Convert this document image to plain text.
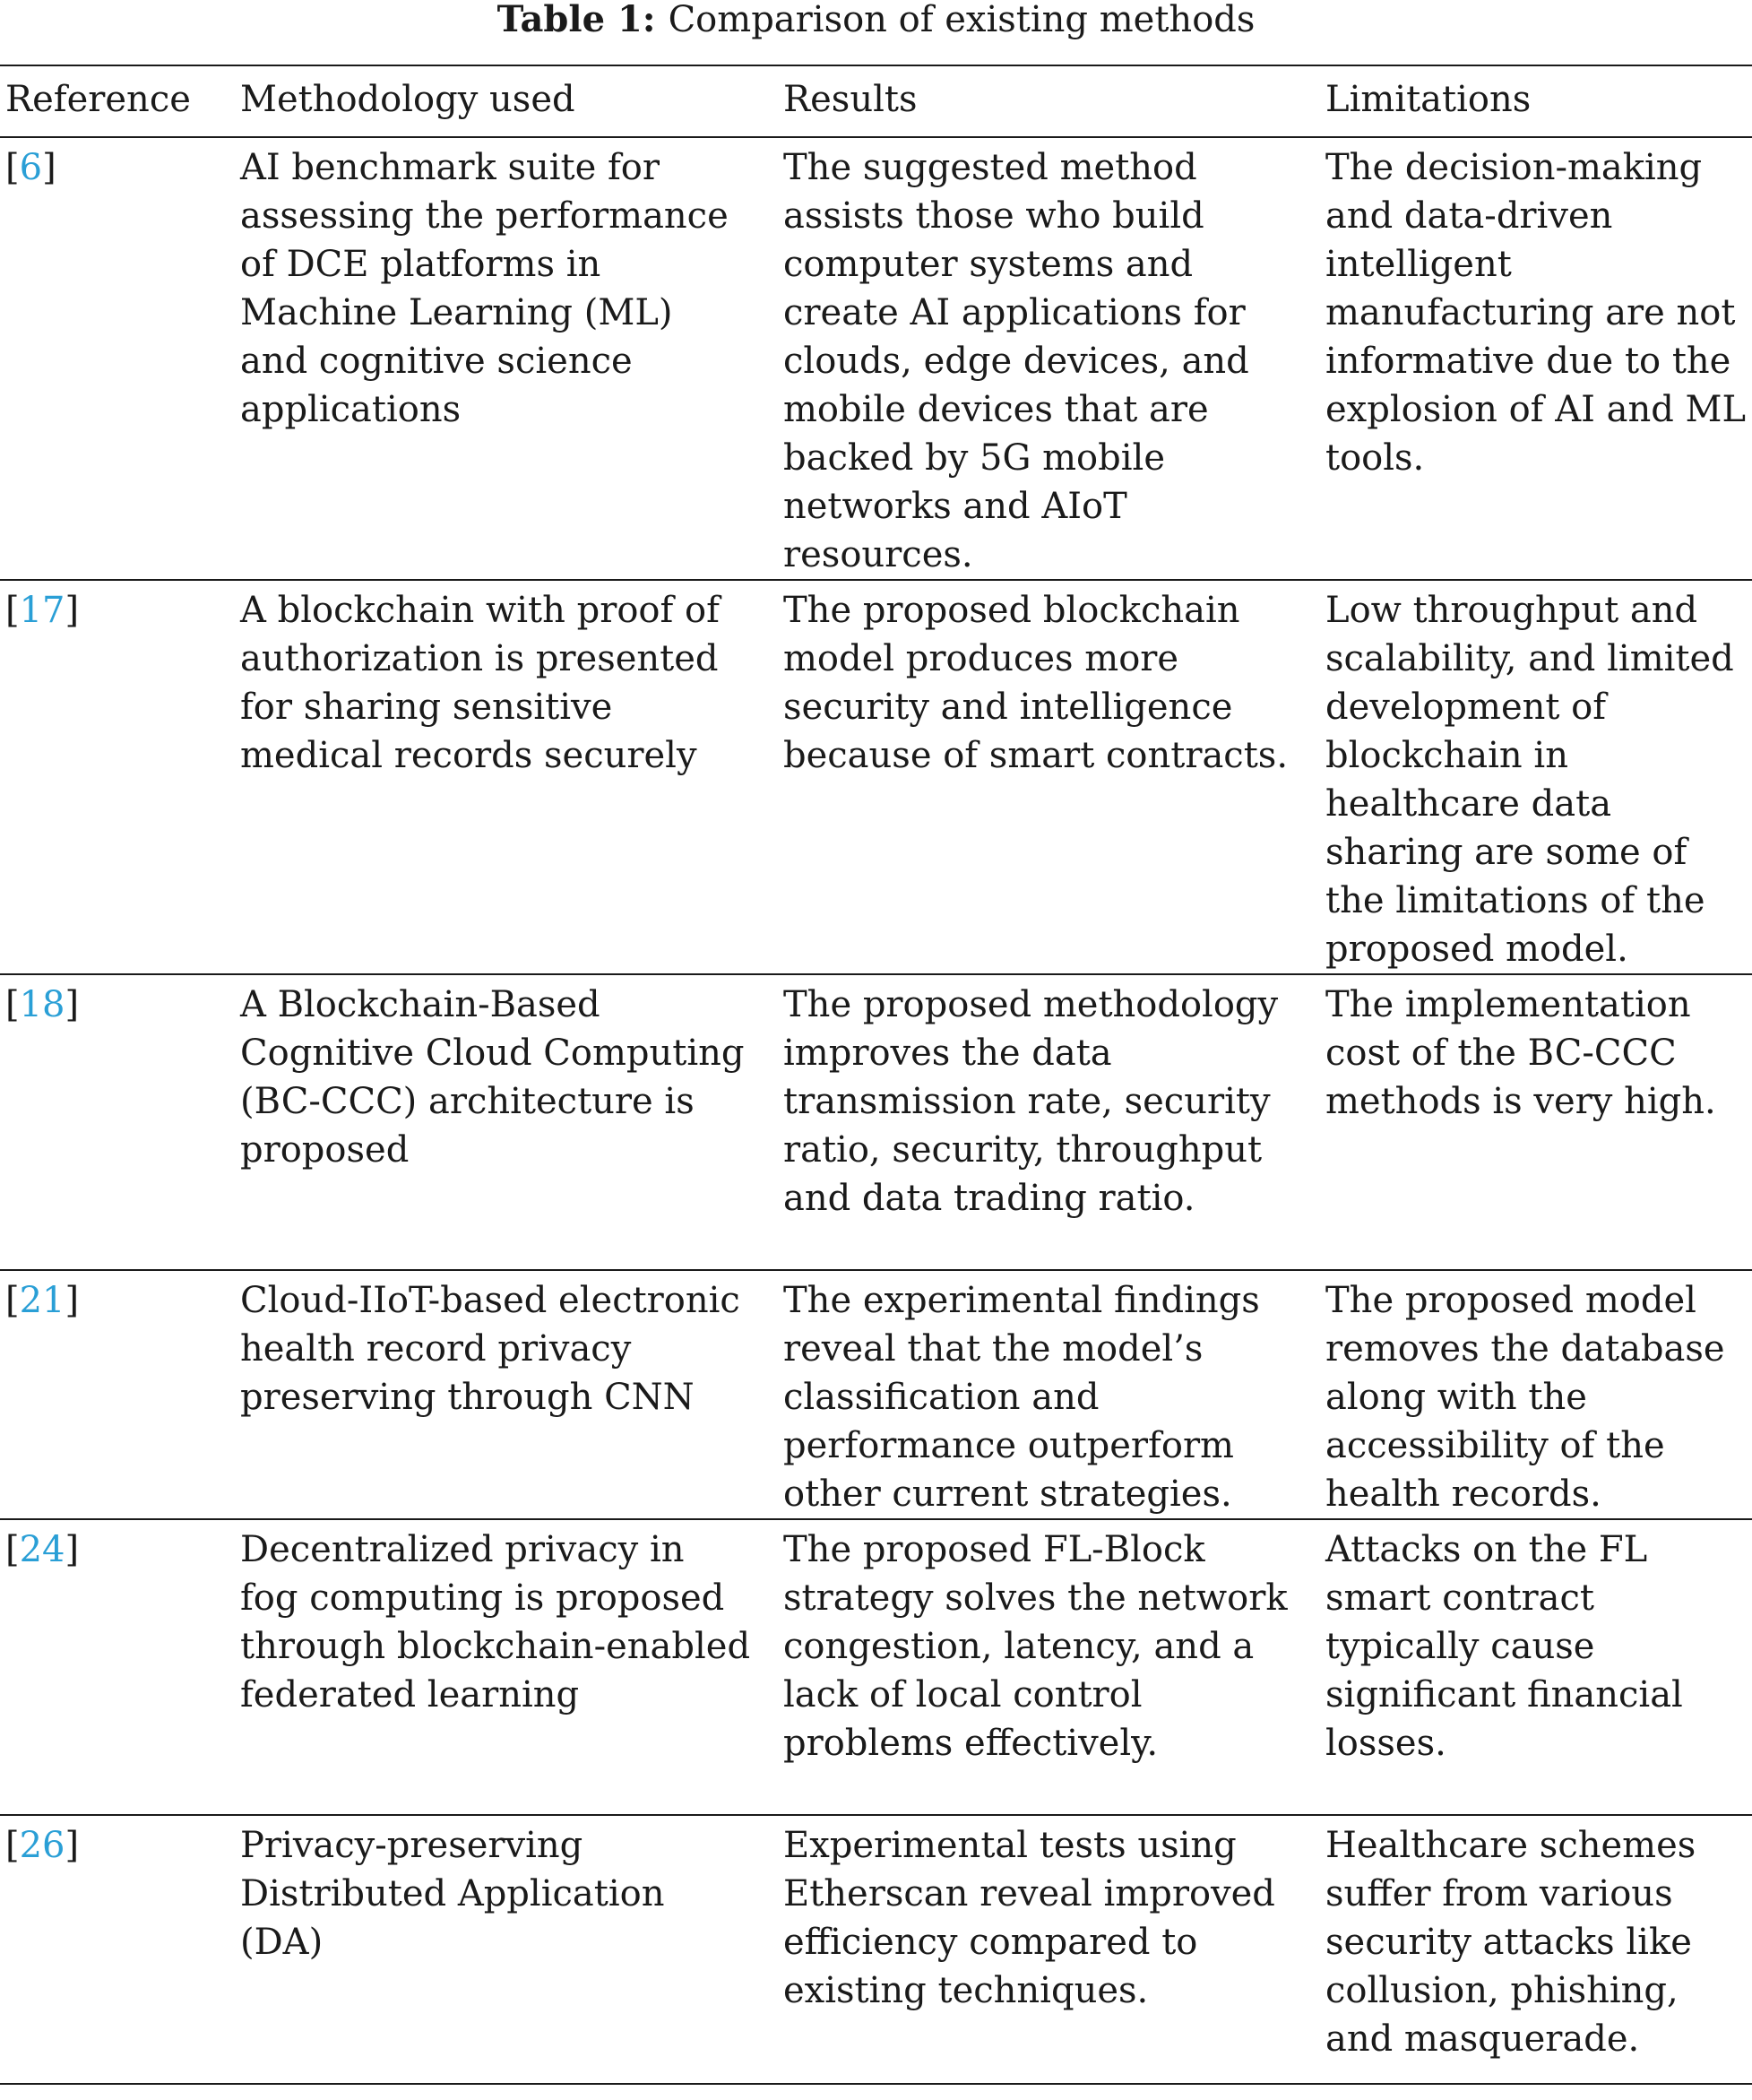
Table 1: Comparison of existing methods
Reference	Methodology used	Results	Limitations
[6]	AI benchmark suite for assessing the performance of DCE platforms in Machine Learning (ML) and cognitive science applications	The suggested method assists those who build computer systems and create AI applications for clouds, edge devices, and mobile devices that are backed by 5G mobile networks and AIoT resources.	The decision-making and data-driven intelligent manufacturing are not informative due to the explosion of AI and ML tools.
[17]	A blockchain with proof of authorization is presented for sharing sensitive medical records securely	The proposed blockchain model produces more security and intelligence because of smart contracts.	Low throughput and scalability, and limited development of blockchain in healthcare data sharing are some of the limitations of the proposed model.
[18]	A Blockchain-Based Cognitive Cloud Computing (BC-CCC) architecture is proposed	The proposed methodology improves the data transmission rate, security ratio, security, throughput and data trading ratio.	The implementation cost of the BC-CCC methods is very high.
[21]	Cloud-IIoT-based electronic health record privacy preserving through CNN	The experimental findings reveal that the model’s classification and performance outperform other current strategies.	The proposed model removes the database along with the accessibility of the health records.
[24]	Decentralized privacy in fog computing is proposed through blockchain-enabled federated learning	The proposed FL-Block strategy solves the network congestion, latency, and a lack of local control problems effectively.	Attacks on the FL smart contract typically cause significant financial losses.
[26]	Privacy-preserving Distributed Application (DA)	Experimental tests using Etherscan reveal improved efficiency compared to existing techniques.	Healthcare schemes suffer from various security attacks like collusion, phishing, and masquerade.
